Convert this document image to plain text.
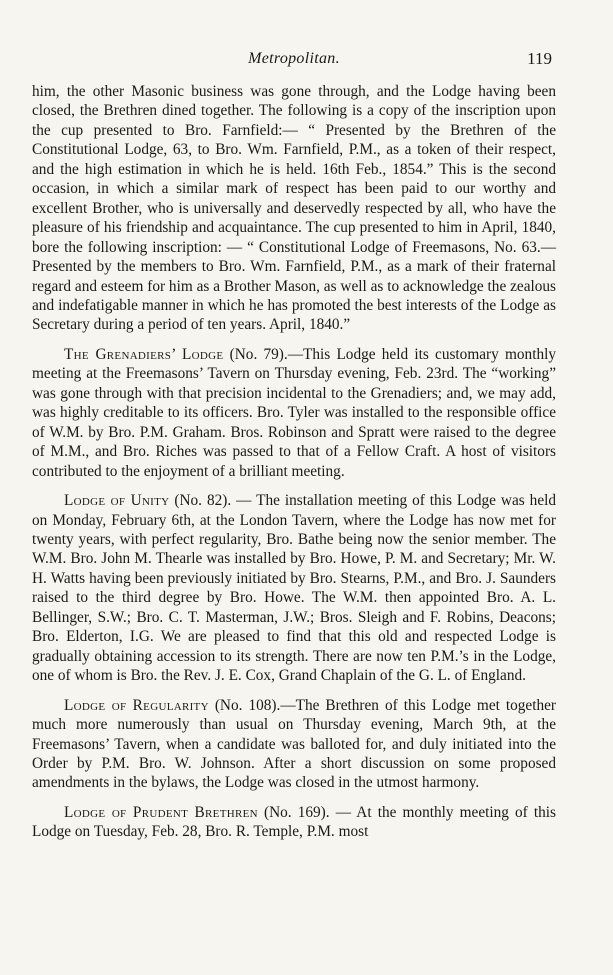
Metropolitan.	119

him, the other Masonic business was gone through, and the Lodge having been closed, the Brethren dined together. The following is a copy of the inscription upon the cup presented to Bro. Farnfield:— “ Presented by the Brethren of the Constitutional Lodge, 63, to Bro. Wm. Farnfield, P.M., as a token of their respect, and the high estimation in which he is held. 16th Feb., 1854.” This is the second occasion, in which a similar mark of respect has been paid to our worthy and excellent Brother, who is universally and deservedly respected by all, who have the pleasure of his friendship and acquaintance. The cup presented to him in April, 1840, bore the following inscription: — “ Constitutional Lodge of Freemasons, No. 63.—Presented by the members to Bro. Wm. Farnfield, P.M., as a mark of their fraternal regard and esteem for him as a Brother Mason, as well as to acknowledge the zealous and indefatigable manner in which he has promoted the best interests of the Lodge as Secretary during a period of ten years. April, 1840.”

The Grenadiers’ Lodge (No. 79).—This Lodge held its customary monthly meeting at the Freemasons’ Tavern on Thursday evening, Feb. 23rd. The “working” was gone through with that precision incidental to the Grenadiers; and, we may add, was highly creditable to its officers. Bro. Tyler was installed to the responsible office of W.M. by Bro. P.M. Graham. Bros. Robinson and Spratt were raised to the degree of M.M., and Bro. Riches was passed to that of a Fellow Craft. A host of visitors contributed to the enjoyment of a brilliant meeting.

Lodge of Unity (No. 82). — The installation meeting of this Lodge was held on Monday, February 6th, at the London Tavern, where the Lodge has now met for twenty years, with perfect regularity, Bro. Bathe being now the senior member. The W.M. Bro. John M. Thearle was installed by Bro. Howe, P. M. and Secretary; Mr. W. H. Watts having been previously initiated by Bro. Stearns, P.M., and Bro. J. Saunders raised to the third degree by Bro. Howe. The W.M. then appointed Bro. A. L. Bellinger, S.W.; Bro. C. T. Masterman, J.W.; Bros. Sleigh and F. Robins, Deacons; Bro. Elderton, I.G. We are pleased to find that this old and respected Lodge is gradually obtaining accession to its strength. There are now ten P.M.’s in the Lodge, one of whom is Bro. the Rev. J. E. Cox, Grand Chaplain of the G. L. of England.

Lodge of Regularity (No. 108).—The Brethren of this Lodge met together much more numerously than usual on Thursday evening, March 9th, at the Freemasons’ Tavern, when a candidate was balloted for, and duly initiated into the Order by P.M. Bro. W. Johnson. After a short discussion on some proposed amendments in the bylaws, the Lodge was closed in the utmost harmony.

Lodge of Prudent Brethren (No. 169). — At the monthly meeting of this Lodge on Tuesday, Feb. 28, Bro. R. Temple, P.M. most
